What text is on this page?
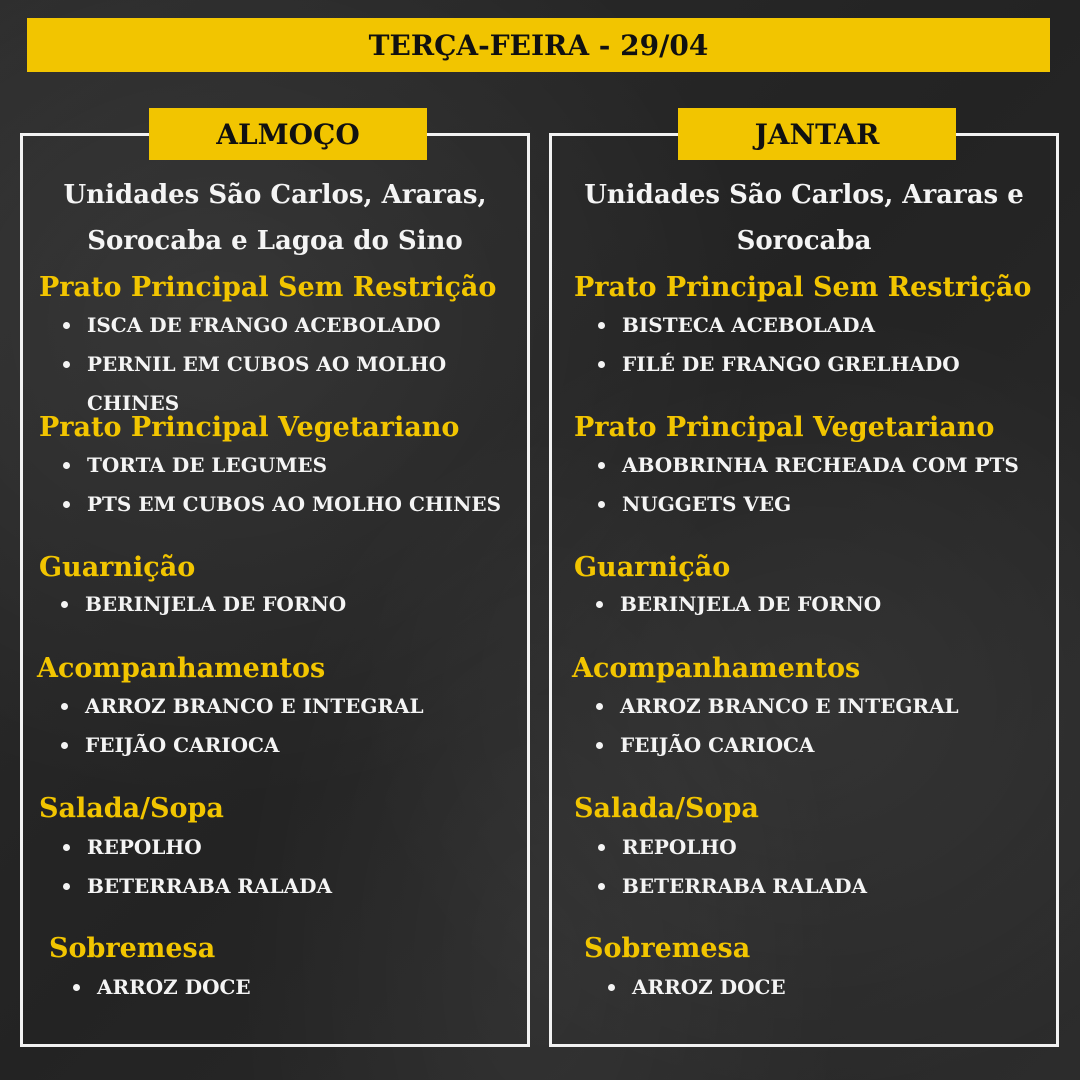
TERÇA-FEIRA - 29/04
ALMOÇO
Unidades São Carlos, Araras,
Sorocaba e Lagoa do Sino
Prato Principal Sem Restrição
ISCA DE FRANGO ACEBOLADO
PERNIL EM CUBOS AO MOLHO CHINES
Prato Principal Vegetariano
TORTA DE LEGUMES
PTS EM CUBOS AO MOLHO CHINES
Guarnição
BERINJELA DE FORNO
Acompanhamentos
ARROZ BRANCO E INTEGRAL
FEIJÃO CARIOCA
Salada/Sopa
REPOLHO
BETERRABA RALADA
Sobremesa
ARROZ DOCE
JANTAR
Unidades São Carlos, Araras e
Sorocaba
Prato Principal Sem Restrição
BISTECA ACEBOLADA
FILÉ DE FRANGO GRELHADO
Prato Principal Vegetariano
ABOBRINHA RECHEADA COM PTS
NUGGETS VEG
Guarnição
BERINJELA DE FORNO
Acompanhamentos
ARROZ BRANCO E INTEGRAL
FEIJÃO CARIOCA
Salada/Sopa
REPOLHO
BETERRABA RALADA
Sobremesa
ARROZ DOCE
